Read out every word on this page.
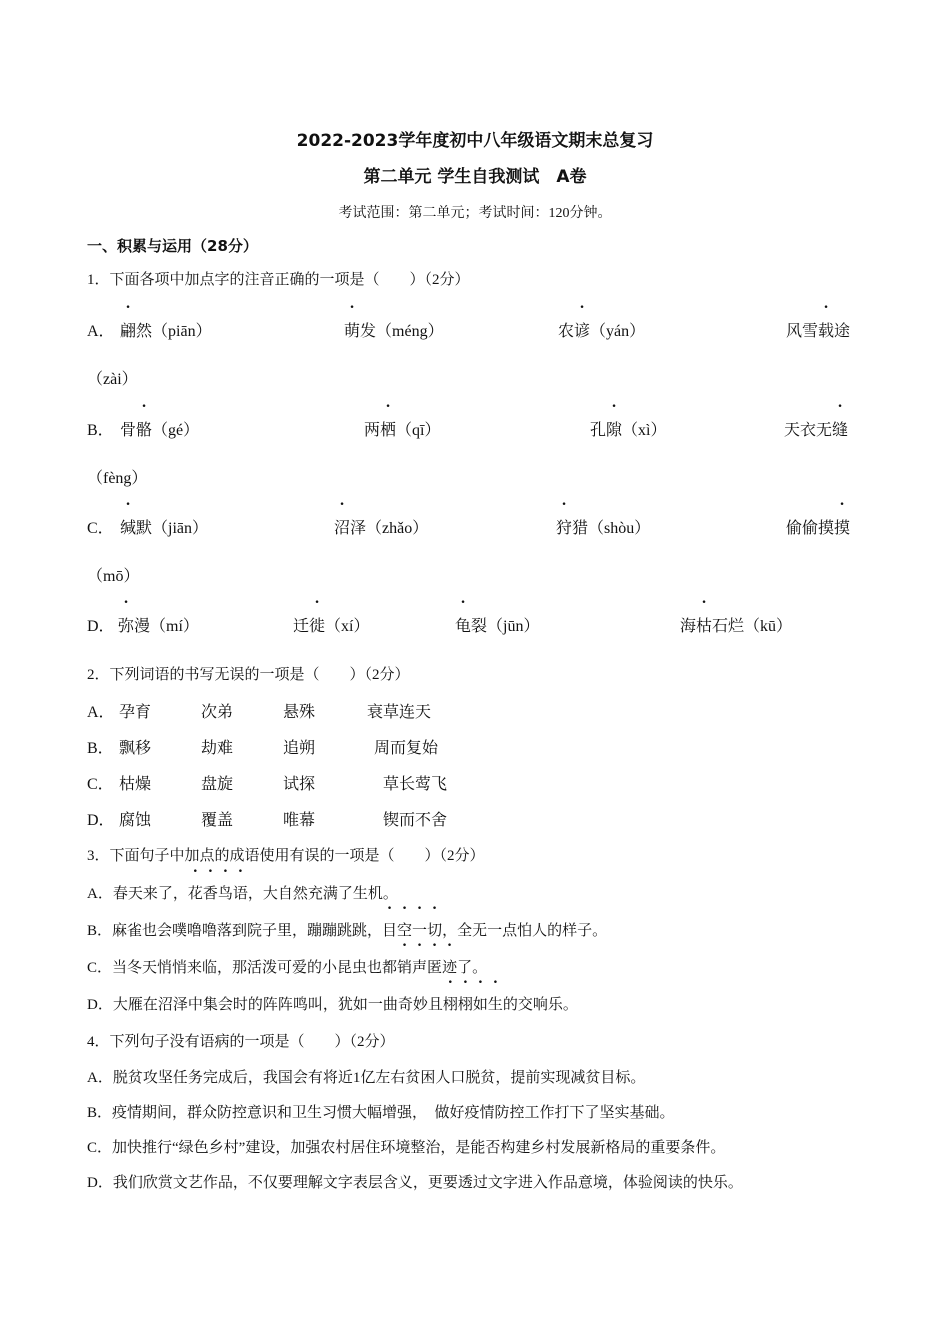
2022-2023学年度初中八年级语文期末总复习
第二单元 学生自我测试　A卷
考试范围：第二单元；考试时间：120分钟。
一、积累与运用（28分）
1．下面各项中加点字的注音正确的一项是（　　）（2分）
A． 翩然（piān）	萌发（méng）	农谚（yán）	风雪载途
（zài）
B． 骨骼（gé）	两栖（qī）	孔隙（xì）	天衣无缝
（fèng）
C． 缄默（jiān）	沼泽（zhǎo）	狩猎（shòu）	偷偷摸摸
（mō）
D． 弥漫（mí）	迁徙（xí）	龟裂（jūn）	海枯石烂（kū）
2．下列词语的书写无误的一项是（　　）（2分）
A． 孕育	次弟	悬殊	衰草连天
B． 飘移	劫难	追朔	周而复始
C． 枯燥	盘旋	试探	草长莺飞
D． 腐蚀	覆盖	唯幕	锲而不舍
3．下面句子中加点的成语使用有误的一项是（　　）（2分）
A．春天来了，花香鸟语，大自然充满了生机。
B．麻雀也会噗噜噜落到院子里，蹦蹦跳跳，目空一切，全无一点怕人的样子。
C．当冬天悄悄来临，那活泼可爱的小昆虫也都销声匿迹了。
D．大雁在沼泽中集会时的阵阵鸣叫，犹如一曲奇妙且栩栩如生的交响乐。
4．下列句子没有语病的一项是（　　）（2分）
A．脱贫攻坚任务完成后，我国会有将近1亿左右贫困人口脱贫，提前实现减贫目标。
B．疫情期间，群众防控意识和卫生习惯大幅增强，　做好疫情防控工作打下了坚实基础。
C．加快推行“绿色乡村”建设，加强农村居住环境整治，是能否构建乡村发展新格局的重要条件。
D．我们欣赏文艺作品，不仅要理解文字表层含义，更要透过文字进入作品意境，体验阅读的快乐。
